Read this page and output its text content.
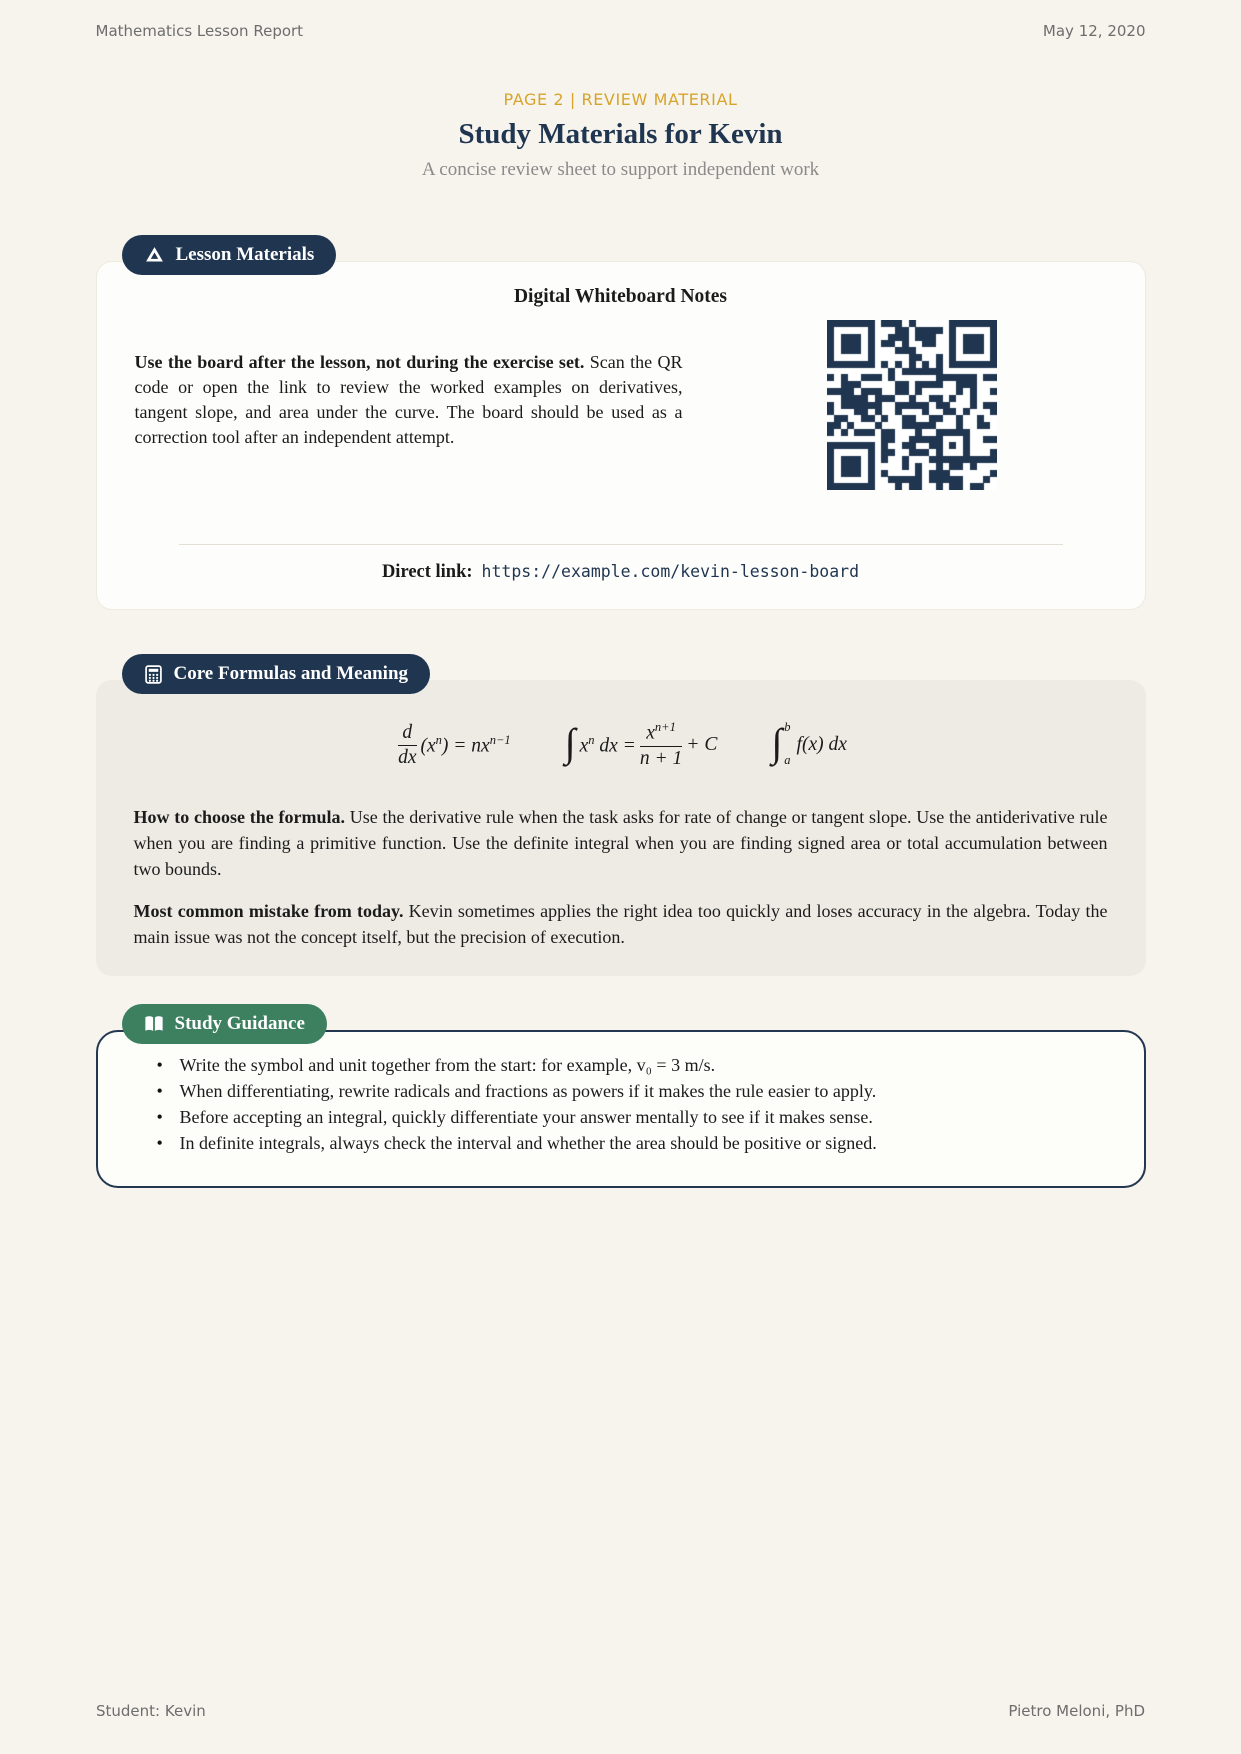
Mathematics Lesson Report	May 12, 2020
PAGE 2 | REVIEW MATERIAL
Study Materials for Kevin
A concise review sheet to support independent work
Lesson Materials
Digital Whiteboard Notes
Use the board after the lesson, not during the exercise set. Scan the QR code or open the link to review the worked examples on derivatives, tangent slope, and area under the curve. The board should be used as a correction tool after an independent attempt.
Direct link: https://example.com/kevin-lesson-board
Core Formulas and Meaning
$\frac{d}{dx} (x^n) = nx^{n-1}$ ∫ $x^n$ dx = $\frac{x^{n+1}}{n + 1} + C$ ∫ b
a
f(x) dx
How to choose the formula. Use the derivative rule when the task asks for rate of change or tangent slope. Use the antiderivative rule when you are finding a primitive function. Use the definite integral when you are finding signed area or total accumulation between two bounds.
Most common mistake from today. Kevin sometimes applies the right idea too quickly and loses accuracy in the algebra. Today the main issue was not the concept itself, but the precision of execution.
Study Guidance
• Write the symbol and unit together from the start: for example, v₀ = 3 m/s.
• When differentiating, rewrite radicals and fractions as powers if it makes the rule easier to apply.
• Before accepting an integral, quickly differentiate your answer mentally to see if it makes sense.
• In definite integrals, always check the interval and whether the area should be positive or signed.
Student: Kevin	Pietro Meloni, PhD
